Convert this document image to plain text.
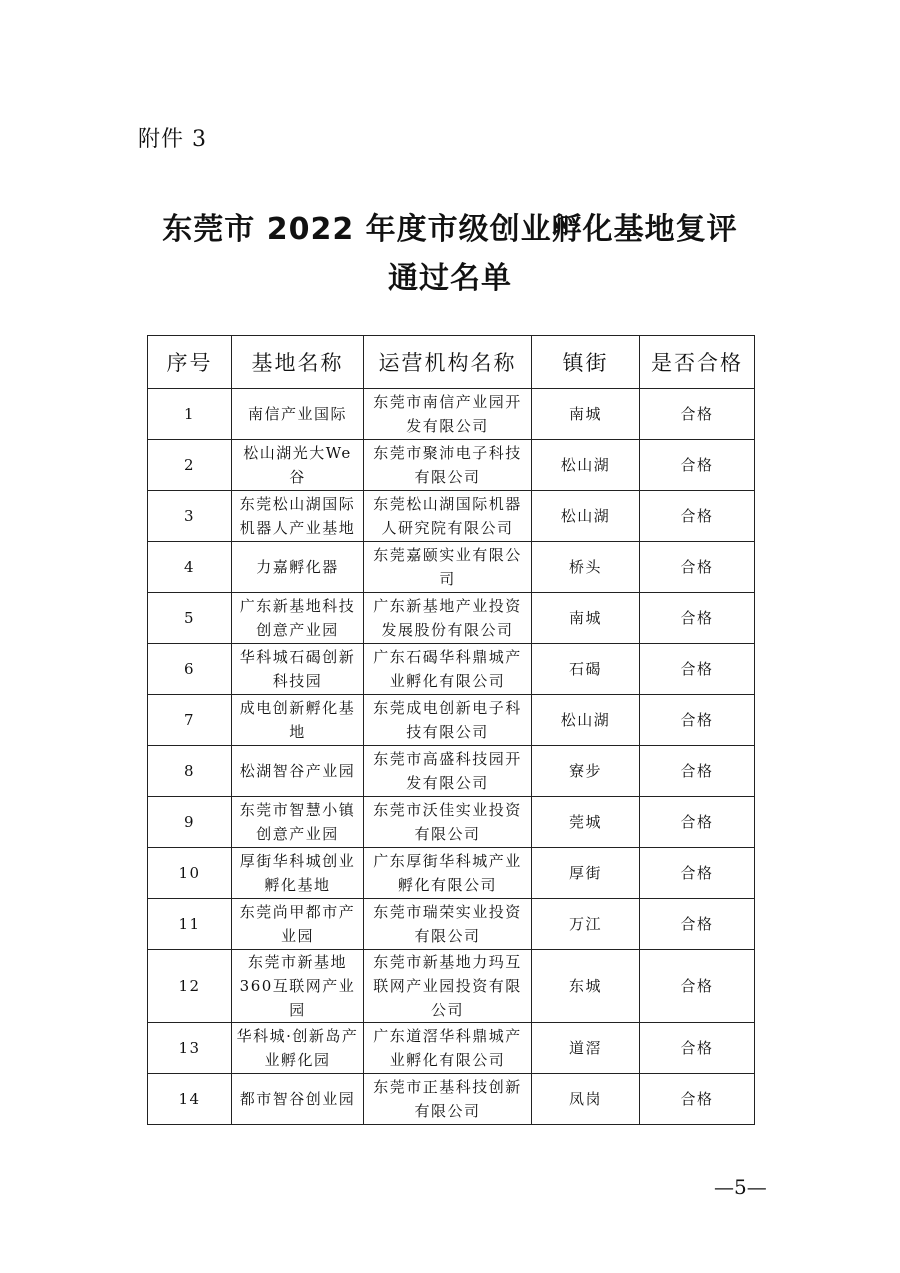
附件 3
东莞市 2022 年度市级创业孵化基地复评
通过名单
序号	基地名称	运营机构名称	镇街	是否合格
1	南信产业国际	东莞市南信产业园开发有限公司	南城	合格
2	松山湖光大We谷	东莞市聚沛电子科技有限公司	松山湖	合格
3	东莞松山湖国际机器人产业基地	东莞松山湖国际机器人研究院有限公司	松山湖	合格
4	力嘉孵化器	东莞嘉颐实业有限公司	桥头	合格
5	广东新基地科技创意产业园	广东新基地产业投资发展股份有限公司	南城	合格
6	华科城石碣创新科技园	广东石碣华科鼎城产业孵化有限公司	石碣	合格
7	成电创新孵化基地	东莞成电创新电子科技有限公司	松山湖	合格
8	松湖智谷产业园	东莞市高盛科技园开发有限公司	寮步	合格
9	东莞市智慧小镇创意产业园	东莞市沃佳实业投资有限公司	莞城	合格
10	厚街华科城创业孵化基地	广东厚街华科城产业孵化有限公司	厚街	合格
11	东莞尚甲都市产业园	东莞市瑞荣实业投资有限公司	万江	合格
12	东莞市新基地360互联网产业园	东莞市新基地力玛互联网产业园投资有限公司	东城	合格
13	华科城·创新岛产业孵化园	广东道滘华科鼎城产业孵化有限公司	道滘	合格
14	都市智谷创业园	东莞市正基科技创新有限公司	凤岗	合格
—5—
